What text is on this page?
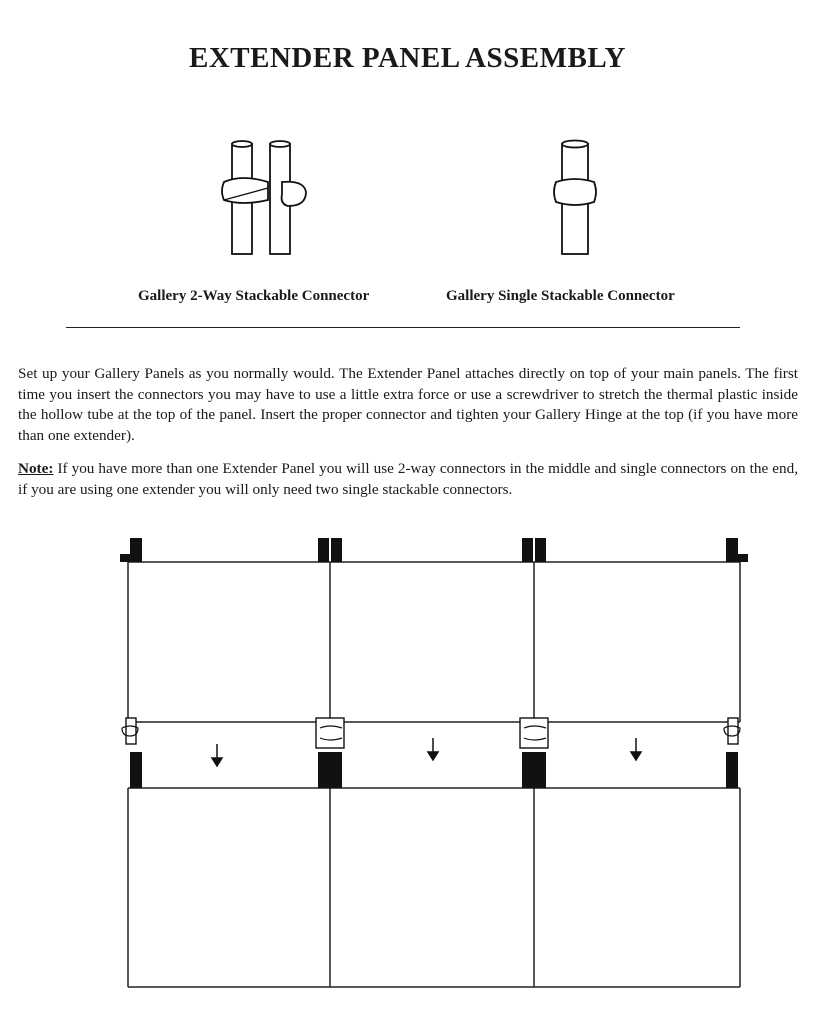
EXTENDER PANEL ASSEMBLY
Gallery 2-Way Stackable Connector	Gallery Single Stackable Connector
Set up your Gallery Panels as you normally would. The Extender Panel attaches directly on top of your main panels. The first time you insert the connectors you may have to use a little extra force or use a screwdriver to stretch the thermal plastic inside the hollow tube at the top of the panel. Insert the proper connector and tighten your Gallery Hinge at the top (if you have more than one extender).
Note: If you have more than one Extender Panel you will use 2-way connectors in the middle and single connectors on the end, if you are using one extender you will only need two single stackable connectors.
